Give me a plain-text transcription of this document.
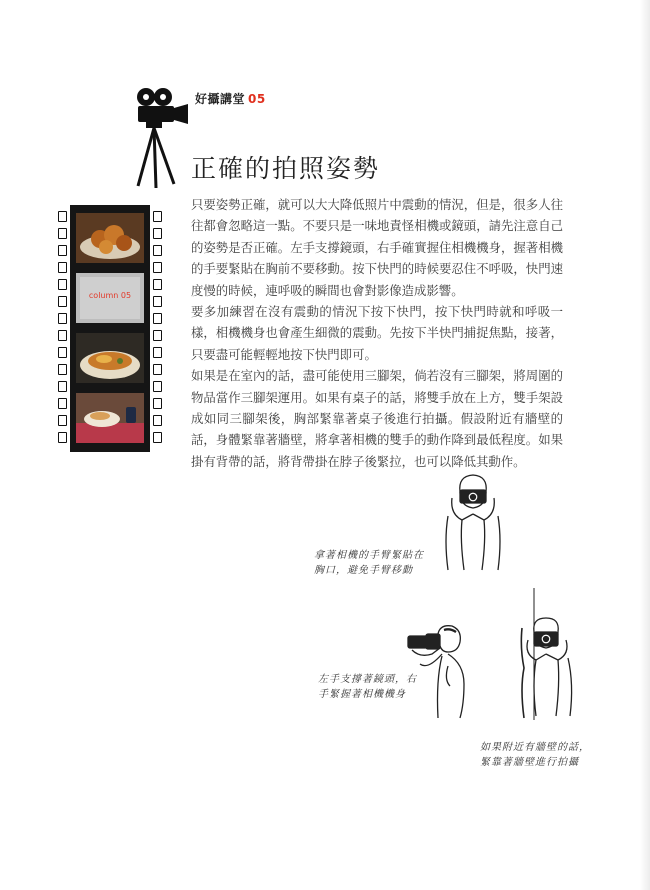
好攝講堂 05
正確的拍照姿勢
column 05

只要姿勢正確，就可以大大降低照片中震動的情況，但是，很多人往往都會忽略這一點。不要只是一味地責怪相機或鏡頭，請先注意自己的姿勢是否正確。左手支撐鏡頭，右手確實握住相機機身，握著相機的手要緊貼在胸前不要移動。按下快門的時候要忍住不呼吸，快門速度慢的時候，連呼吸的瞬間也會對影像造成影響。

要多加練習在沒有震動的情況下按下快門，按下快門時就和呼吸一樣，相機機身也會產生細微的震動。先按下半快門捕捉焦點，接著，只要盡可能輕輕地按下快門即可。

如果是在室內的話，盡可能使用三腳架，倘若沒有三腳架，將周圍的物品當作三腳架運用。如果有桌子的話，將雙手放在上方，雙手架設成如同三腳架後，胸部緊靠著桌子後進行拍攝。假設附近有牆壁的話，身體緊靠著牆壁，將拿著相機的雙手的動作降到最低程度。如果掛有背帶的話，將背帶掛在脖子後緊拉，也可以降低其動作。

拿著相機的手臂緊貼在
胸口，避免手臂移動
左手支撐著鏡頭，右
手緊握著相機機身
如果附近有牆壁的話，
緊靠著牆壁進行拍攝
